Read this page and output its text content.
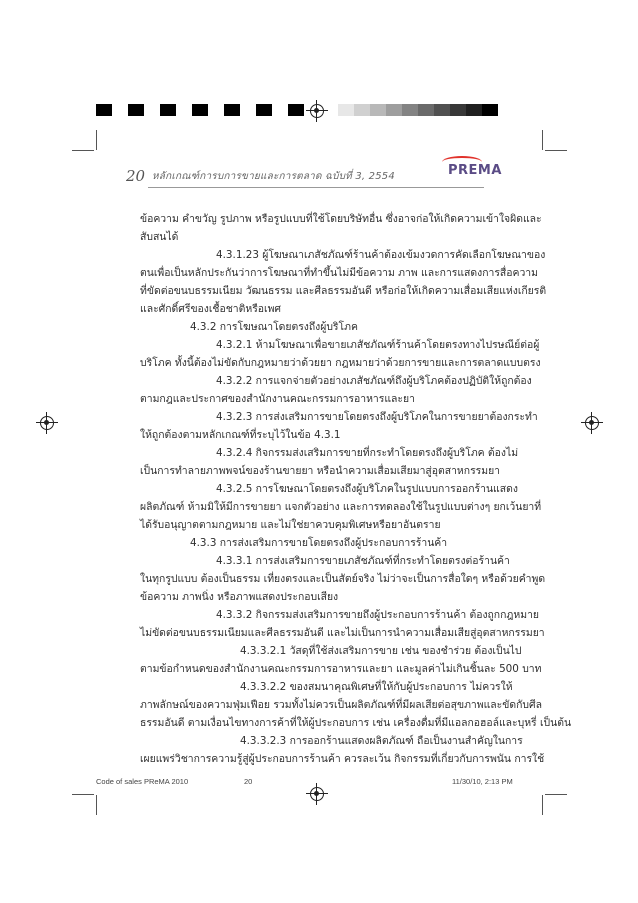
20 หลักเกณฑ์การบการขายและการตลาด ฉบับที่ 3, 2554	PREMA
ข้อความ คำขวัญ รูปภาพ หรือรูปแบบที่ใช้โดยบริษัทอื่น ซึ่งอาจก่อให้เกิดความเข้าใจผิดและ
สับสนได้
4.3.1.23 ผู้โฆษณาเภสัชภัณฑ์ร้านค้าต้องเข้มงวดการคัดเลือกโฆษณาของ
ตนเพื่อเป็นหลักประกันว่าการโฆษณาที่ทำขึ้นไม่มีข้อความ ภาพ และการแสดงการสื่อความ
ที่ขัดต่อขนบธรรมเนียม วัฒนธรรม และศีลธรรมอันดี หรือก่อให้เกิดความเสื่อมเสียแห่งเกียรติ
และศักดิ์ศรีของเชื้อชาติหรือเพศ
4.3.2 การโฆษณาโดยตรงถึงผู้บริโภค
4.3.2.1 ห้ามโฆษณาเพื่อขายเภสัชภัณฑ์ร้านค้าโดยตรงทางไปรษณีย์ต่อผู้
บริโภค ทั้งนี้ต้องไม่ขัดกับกฎหมายว่าด้วยยา กฎหมายว่าด้วยการขายและการตลาดแบบตรง
4.3.2.2 การแจกจ่ายตัวอย่างเภสัชภัณฑ์ถึงผู้บริโภคต้องปฏิบัติให้ถูกต้อง
ตามกฎและประกาศของสำนักงานคณะกรรมการอาหารและยา
4.3.2.3 การส่งเสริมการขายโดยตรงถึงผู้บริโภคในการขายยาต้องกระทำ
ให้ถูกต้องตามหลักเกณฑ์ที่ระบุไว้ในข้อ 4.3.1
4.3.2.4 กิจกรรมส่งเสริมการขายที่กระทำโดยตรงถึงผู้บริโภค ต้องไม่
เป็นการทำลายภาพพจน์ของร้านขายยา หรือนำความเสื่อมเสียมาสู่อุตสาหกรรมยา
4.3.2.5 การโฆษณาโดยตรงถึงผู้บริโภคในรูปแบบการออกร้านแสดง
ผลิตภัณฑ์ ห้ามมิให้มีการขายยา แจกตัวอย่าง และการทดลองใช้ในรูปแบบต่างๆ ยกเว้นยาที่
ได้รับอนุญาตตามกฎหมาย และไม่ใช่ยาควบคุมพิเศษหรือยาอันตราย
4.3.3 การส่งเสริมการขายโดยตรงถึงผู้ประกอบการร้านค้า
4.3.3.1 การส่งเสริมการขายเภสัชภัณฑ์ที่กระทำโดยตรงต่อร้านค้า
ในทุกรูปแบบ ต้องเป็นธรรม เที่ยงตรงและเป็นสัตย์จริง ไม่ว่าจะเป็นการสื่อใดๆ หรือด้วยคำพูด
ข้อความ ภาพนิ่ง หรือภาพแสดงประกอบเสียง
4.3.3.2 กิจกรรมส่งเสริมการขายถึงผู้ประกอบการร้านค้า ต้องถูกกฎหมาย
ไม่ขัดต่อขนบธรรมเนียมและศีลธรรมอันดี และไม่เป็นการนำความเสื่อมเสียสู่อุตสาหกรรมยา
4.3.3.2.1 วัสดุที่ใช้ส่งเสริมการขาย เช่น ของชำร่วย ต้องเป็นไป
ตามข้อกำหนดของสำนักงานคณะกรรมการอาหารและยา และมูลค่าไม่เกินชิ้นละ 500 บาท
4.3.3.2.2 ของสมนาคุณพิเศษที่ให้กับผู้ประกอบการ ไม่ควรให้
ภาพลักษณ์ของความฟุ่มเฟือย รวมทั้งไม่ควรเป็นผลิตภัณฑ์ที่มีผลเสียต่อสุขภาพและขัดกับศีล
ธรรมอันดี ตามเงื่อนไขทางการค้าที่ให้ผู้ประกอบการ เช่น เครื่องดื่มที่มีแอลกอฮอล์และบุหรี่ เป็นต้น
4.3.3.2.3 การออกร้านแสดงผลิตภัณฑ์ ถือเป็นงานสำคัญในการ
เผยแพร่วิชาการความรู้สู่ผู้ประกอบการร้านค้า ควรละเว้น กิจกรรมที่เกี่ยวกับการพนัน การใช้
Code of sales PReMA 2010	20	11/30/10, 2:13 PM
